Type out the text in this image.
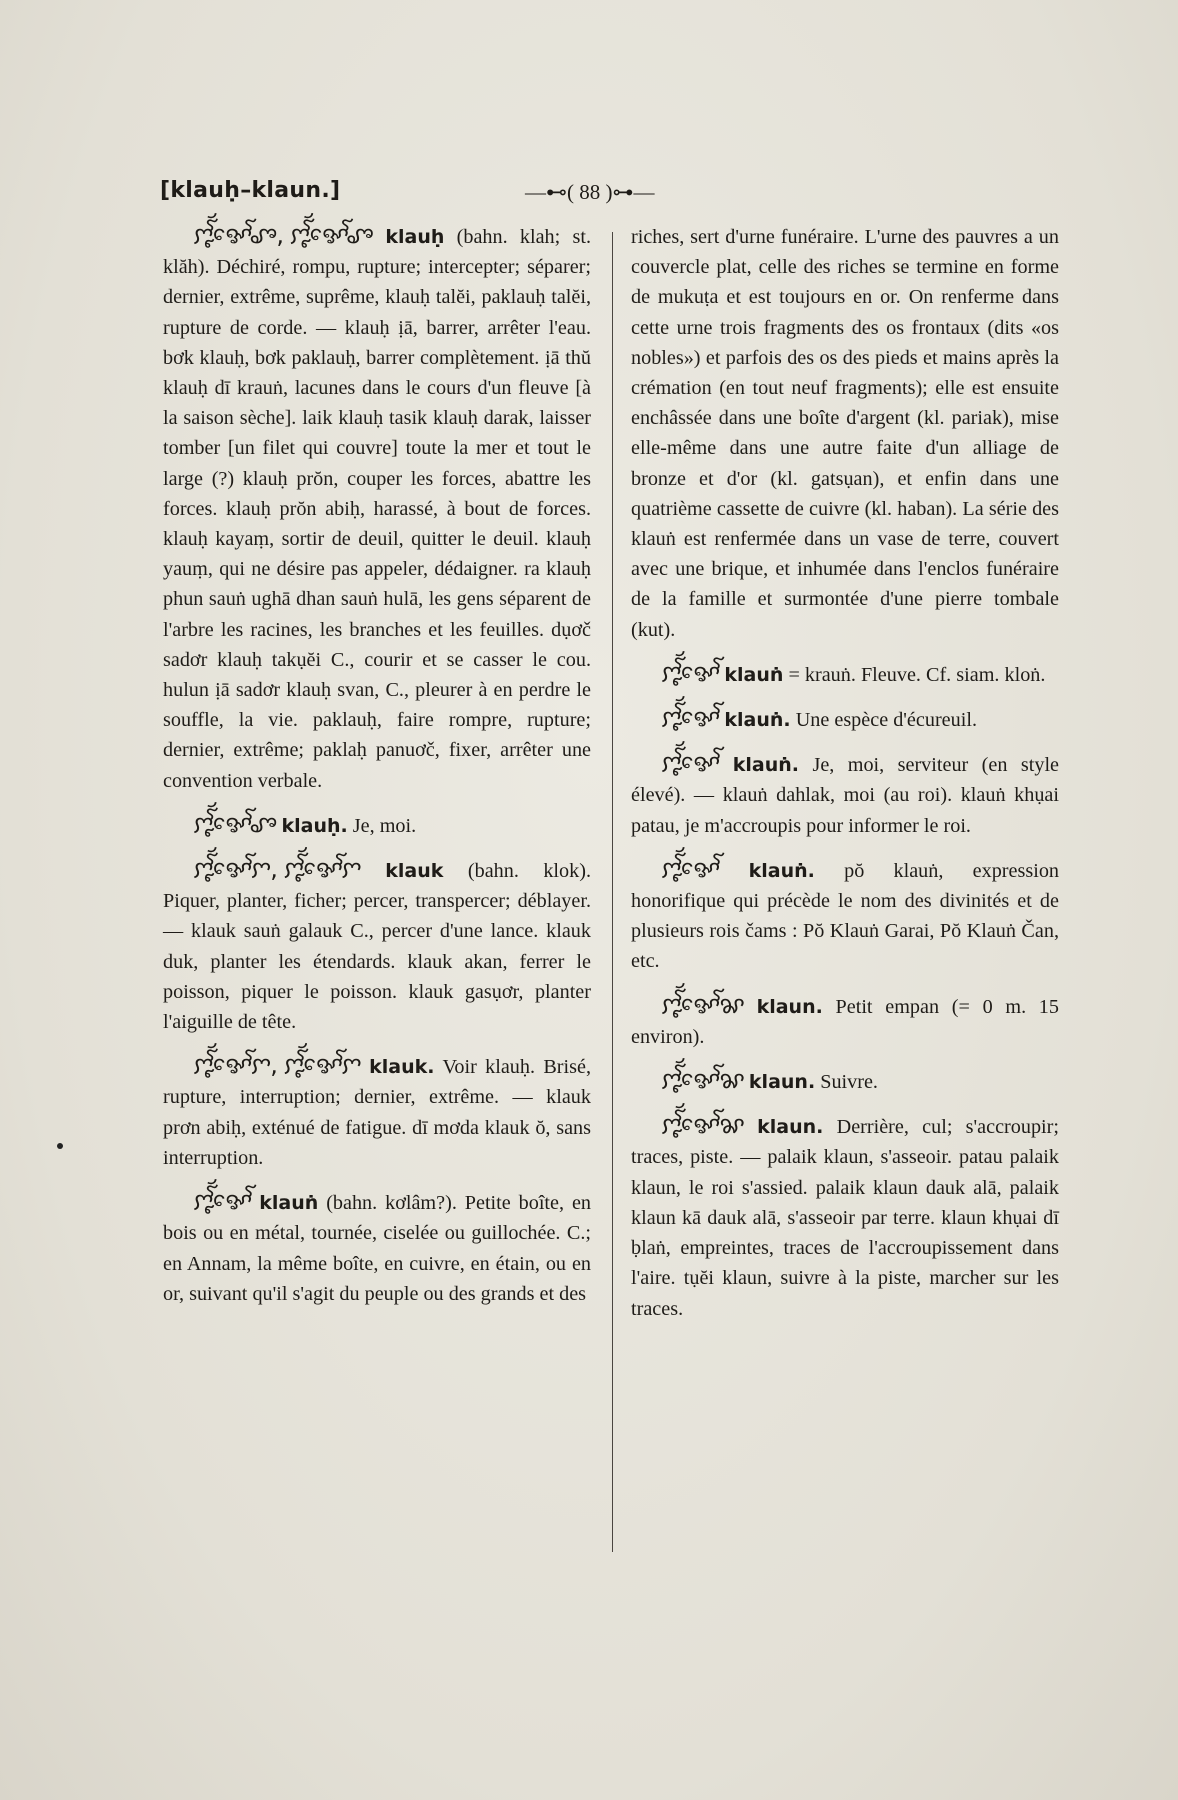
[klauḥ–klaun.]	—⊷( 88 )⊶—

ꨆꨵꨮꨱꨀꨯꨱꨨ, ꨆꨵꨮꨱꨀꨯꨱꨨ klauḥ (bahn. klah; st. klăh). Déchiré, rompu, rupture; intercepter; séparer; dernier, extrême, suprême, klauḥ talĕi, paklauḥ talĕi, rupture de corde. — klauḥ ịā, barrer, arrêter l'eau. bơk klauḥ, bơk paklauḥ, barrer complètement. ịā thŭ klauḥ dī krauṅ, lacunes dans le cours d'un fleuve [à la saison sèche]. laik klauḥ tasik klauḥ darak, laisser tomber [un filet qui couvre] toute la mer et tout le large (?) klauḥ prŏn, couper les forces, abattre les forces. klauḥ prŏn abiḥ, harassé, à bout de forces. klauḥ kayaṃ, sortir de deuil, quitter le deuil. klauḥ yauṃ, qui ne désire pas appeler, dédaigner. ra klauḥ phun sauṅ ughā dhan sauṅ hulā, les gens séparent de l'arbre les racines, les branches et les feuilles. dụơč sadơr klauḥ takụĕi C., courir et se casser le cou. hulun ịā sadơr klauḥ svan, C., pleurer à en perdre le souffle, la vie. paklauḥ, faire rompre, rupture; dernier, extrême; paklaḥ panuơč, fixer, arrêter une convention verbale.

ꨆꨵꨮꨱꨀꨯꨱꨨ klauḥ. Je, moi.

ꨆꨵꨮꨱꨀꨯꨱꨆ, ꨆꨵꨮꨱꨀꨯꨱꨆ klauk (bahn. klok). Piquer, planter, ficher; percer, transpercer; déblayer. — klauk sauṅ galauk C., percer d'une lance. klauk duk, planter les étendards. klauk akan, ferrer le poisson, piquer le poisson. klauk gasụơr, planter l'aiguille de tête.

ꨆꨵꨮꨱꨀꨯꨱꨆ, ꨆꨵꨮꨱꨀꨯꨱꨆ klauk. Voir klauḥ. Brisé, rupture, interruption; dernier, extrême. — klauk prơn abiḥ, exténué de fatigue. dī mơda klauk ŏ, sans interruption.

ꨆꨵꨮꨱꨀꨯꨱ klauṅ (bahn. kơlâm?). Petite boîte, en bois ou en métal, tournée, ciselée ou guillochée. C.; en Annam, la même boîte, en cuivre, en étain, ou en or, suivant qu'il s'agit du peuple ou des grands et des

riches, sert d'urne funéraire. L'urne des pauvres a un couvercle plat, celle des riches se termine en forme de mukuṭa et est toujours en or. On renferme dans cette urne trois fragments des os frontaux (dits «os nobles») et parfois des os des pieds et mains après la crémation (en tout neuf fragments); elle est ensuite enchâssée dans une boîte d'argent (kl. pariak), mise elle-même dans une autre faite d'un alliage de bronze et d'or (kl. gatsụan), et enfin dans une quatrième cassette de cuivre (kl. haban). La série des klauṅ est renfermée dans un vase de terre, couvert avec une brique, et inhumée dans l'enclos funéraire de la famille et surmontée d'une pierre tombale (kut).

ꨆꨵꨮꨱꨀꨯꨱ klauṅ = krauṅ. Fleuve. Cf. siam. kloṅ.

ꨆꨵꨮꨱꨀꨯꨱ klauṅ. Une espèce d'écureuil.

ꨆꨵꨮꨱꨀꨯꨱ klauṅ. Je, moi, serviteur (en style élevé). — klauṅ dahlak, moi (au roi). klauṅ khụai patau, je m'accroupis pour informer le roi.

ꨆꨵꨮꨱꨀꨯꨱ klauṅ. pŏ klauṅ, expression honorifique qui précède le nom des divinités et de plusieurs rois čams : Pŏ Klauṅ Garai, Pŏ Klauṅ Čan, etc.

ꨆꨵꨮꨱꨀꨯꨱꨗ klaun. Petit empan (= 0 m. 15 environ).

ꨆꨵꨮꨱꨀꨯꨱꨗ klaun. Suivre.

ꨆꨵꨮꨱꨀꨯꨱꨗ klaun. Derrière, cul; s'accroupir; traces, piste. — palaik klaun, s'asseoir. patau palaik klaun, le roi s'assied. palaik klaun dauk alā, palaik klaun kā dauk alā, s'asseoir par terre. klaun khụai dī ḅlaṅ, empreintes, traces de l'accroupissement dans l'aire. tụĕi klaun, suivre à la piste, marcher sur les traces.
